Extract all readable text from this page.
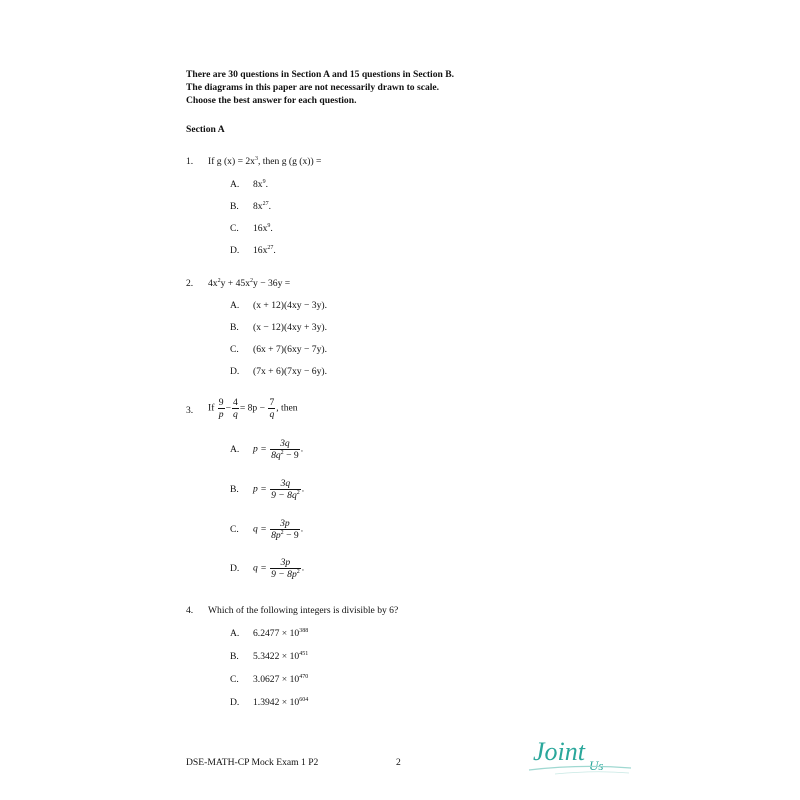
There are 30 questions in Section A and 15 questions in Section B.
The diagrams in this paper are not necessarily drawn to scale.
Choose the best answer for each question.
Section A
1. If g $(x) = 2x^3$, then g (g (x)) =
A. $8x^9$.
B. $8x^{27}$.
C. $16x^9$.
D. $16x^{27}$.
2. $4x^2y + 45x^2y - 36y$ =
A. (x + 12)(4xy − 3y).
B. (x − 12)(4xy + 3y).
C. (6x + 7)(6xy − 7y).
D. (7x + 6)(7xy − 6y).
3. If $\frac{9}{p} - \frac{4}{q} = 8p - \frac{7}{q}$ , then
A. $p = \frac{3q}{8q^2 - 9}$ .
B. $p = \frac{3q}{9 - 8q^2}$ .
C. $q = \frac{3p}{8p^2 - 9}$ .
D. $q = \frac{3p}{9 - 8p^2}$ .
4. Which of the following integers is divisible by 6?
A. $6.2477 \times 10^{388}$
B. $5.3422 \times 10^{451}$
C. $3.0627 \times 10^{470}$
D. $1.3942 \times 10^{604}$
DSE-MATH-CP Mock Exam 1 P2	2	Joint Us
